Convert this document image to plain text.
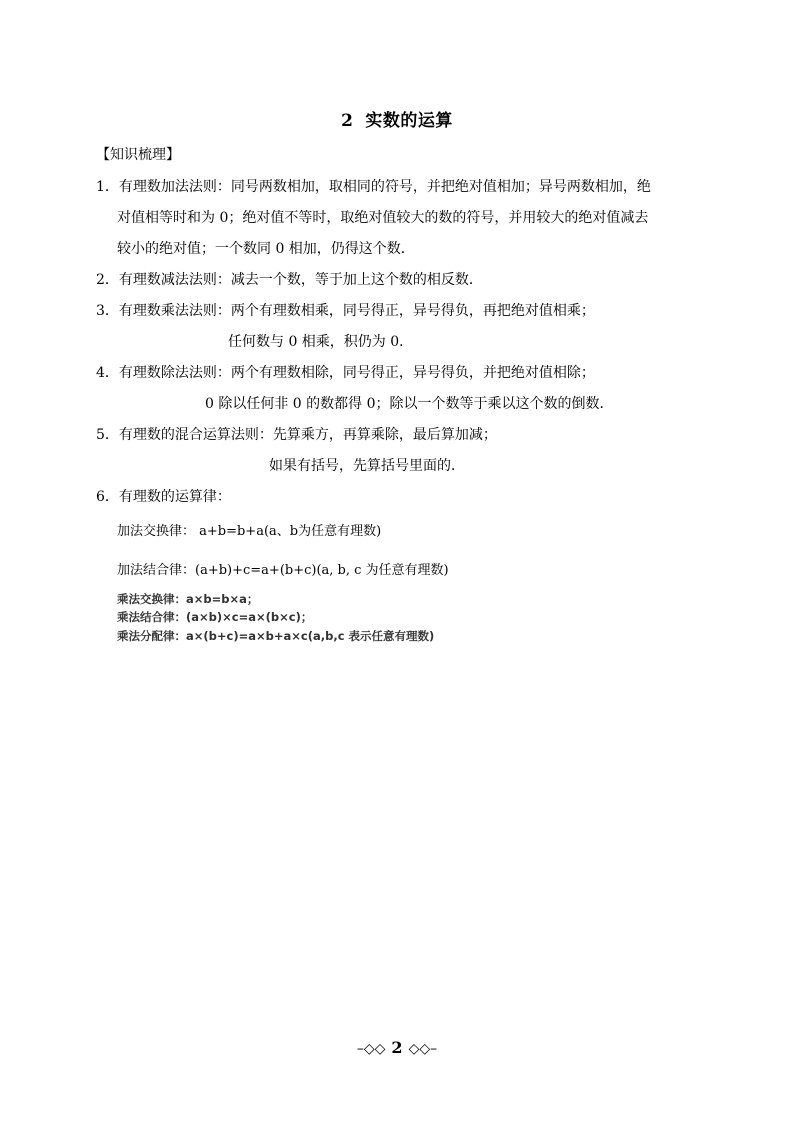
2 实数的运算
【知识梳理】
1．有理数加法法则：同号两数相加，取相同的符号，并把绝对值相加；异号两数相加，绝
对值相等时和为 0；绝对值不等时，取绝对值较大的数的符号，并用较大的绝对值减去
较小的绝对值；一个数同 0 相加，仍得这个数．
2．有理数减法法则：减去一个数，等于加上这个数的相反数．
3．有理数乘法法则：两个有理数相乘，同号得正，异号得负，再把绝对值相乘；
任何数与 0 相乘，积仍为 0．
4．有理数除法法则：两个有理数相除，同号得正，异号得负，并把绝对值相除；
0 除以任何非 0 的数都得 0；除以一个数等于乘以这个数的倒数．
5．有理数的混合运算法则：先算乘方，再算乘除，最后算加减；
如果有括号，先算括号里面的．
6．有理数的运算律：
加法交换律： a+b=b+a(a、b为任意有理数)
加法结合律：(a+b)+c=a+(b+c)(a, b, c 为任意有理数)
乘法交换律：a×b=b×a；
乘法结合律：(a×b)×c=a×(b×c)；
乘法分配律：a×(b+c)=a×b+a×c(a,b,c 表示任意有理数)
–◇◇ 2 ◇◇–
